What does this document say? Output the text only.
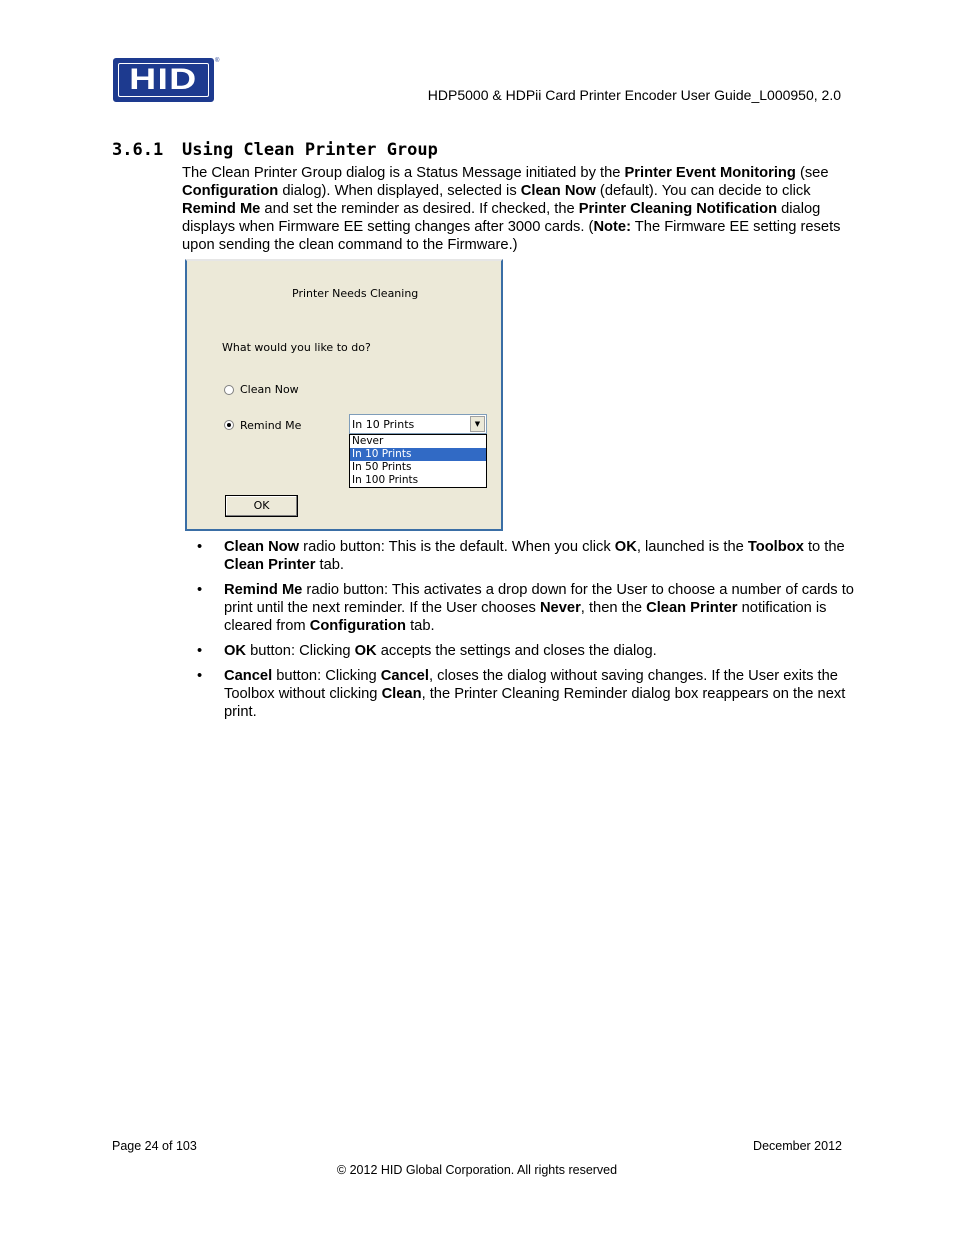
HID
®
HDP5000 & HDPii Card Printer Encoder User Guide_L000950, 2.0
3.6.1 Using Clean Printer Group

The Clean Printer Group dialog is a Status Message initiated by the Printer Event Monitoring (see Configuration dialog). When displayed, selected is Clean Now (default). You can decide to click Remind Me and set the reminder as desired. If checked, the Printer Cleaning Notification dialog displays when Firmware EE setting changes after 3000 cards. (Note: The Firmware EE setting resets upon sending the clean command to the Firmware.)

Printer Needs Cleaning
What would you like to do?
Clean Now
Remind Me	In 10 Prints	▼
Never
In 10 Prints
In 50 Prints
In 100 Prints
OK
• Clean Now radio button: This is the default. When you click OK, launched is the Toolbox to the Clean Printer tab.
• Remind Me radio button: This activates a drop down for the User to choose a number of cards to print until the next reminder. If the User chooses Never, then the Clean Printer notification is cleared from Configuration tab.
• OK button: Clicking OK accepts the settings and closes the dialog.
• Cancel button: Clicking Cancel, closes the dialog without saving changes. If the User exits the Toolbox without clicking Clean, the Printer Cleaning Reminder dialog box reappears on the next print.
Page 24 of 103	December 2012
© 2012 HID Global Corporation. All rights reserved
